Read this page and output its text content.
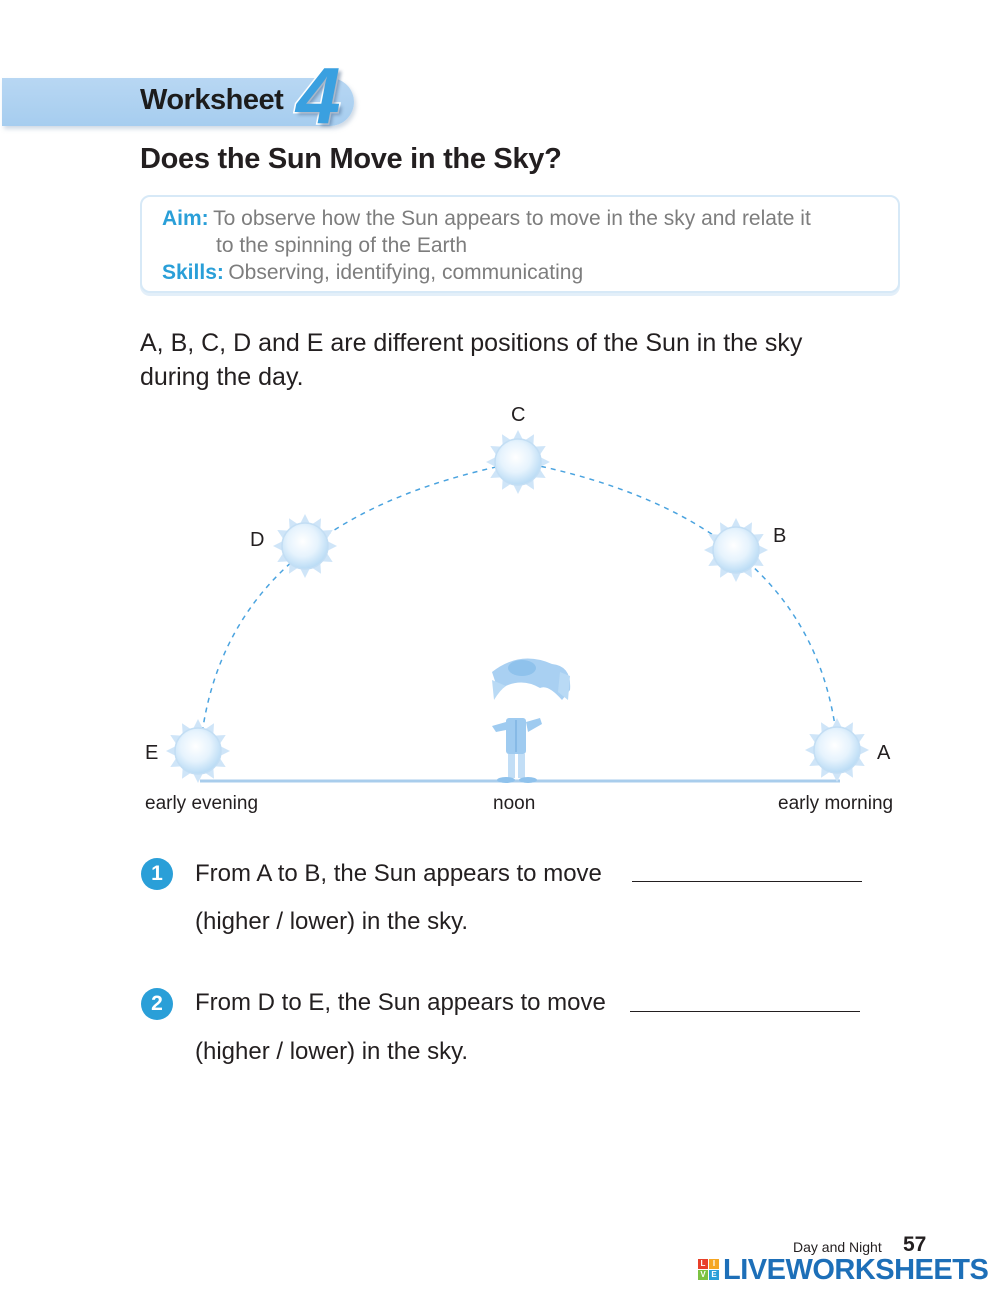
Worksheet 4
Does the Sun Move in the Sky?
Aim: To observe how the Sun appears to move in the sky and relate it
to the spinning of the Earth
Skills: Observing, identifying, communicating
A, B, C, D and E are different positions of the Sun in the sky
during the day.
C
B
D
E	A
early evening	noon	early morning
1	From A to B, the Sun appears to move
(higher / lower) in the sky.
2	From D to E, the Sun appears to move
(higher / lower) in the sky.
Day and Night 57
L I
V E LIVEWORKSHEETS
